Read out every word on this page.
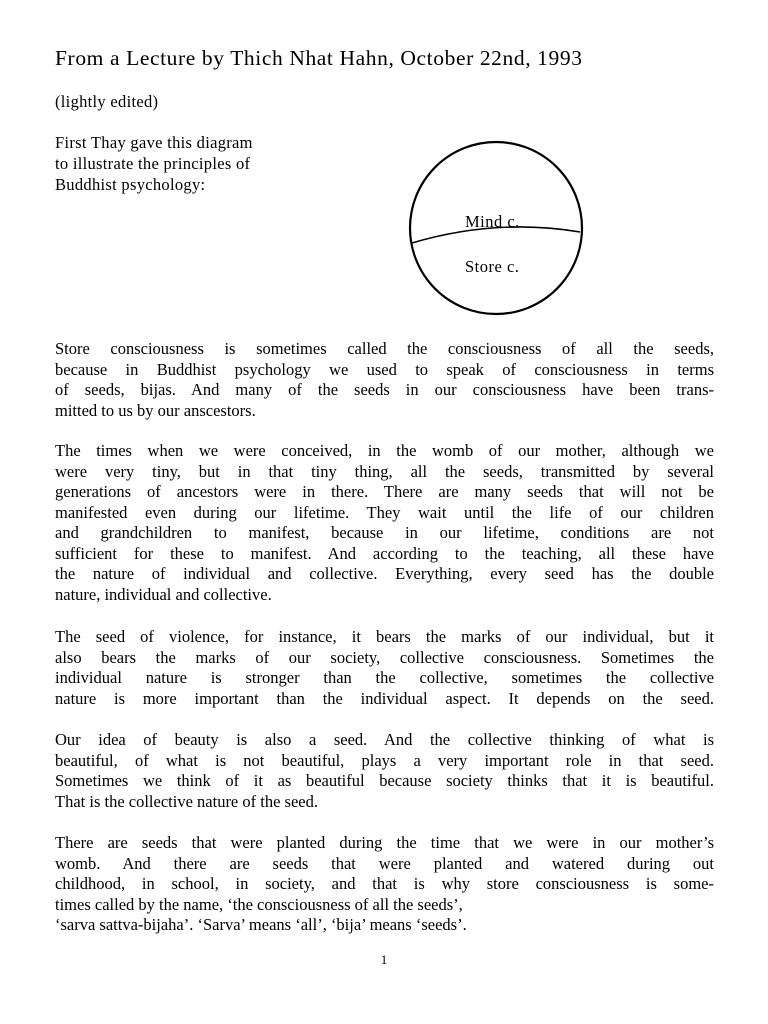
From a Lecture by Thich Nhat Hahn, October 22nd, 1993
(lightly edited)
First Thay gave this diagram
to illustrate the principles of
Buddhist psychology:
Mind c.
Store c.
Store consciousness is sometimes called the consciousness of all the seeds,
because in Buddhist psychology we used to speak of consciousness in terms
of seeds, bijas. And many of the seeds in our consciousness have been trans-
mitted to us by our anscestors.
The times when we were conceived, in the womb of our mother, although we
were very tiny, but in that tiny thing, all the seeds, transmitted by several
generations of ancestors were in there. There are many seeds that will not be
manifested even during our lifetime. They wait until the life of our children
and grandchildren to manifest, because in our lifetime, conditions are not
sufficient for these to manifest. And according to the teaching, all these have
the nature of individual and collective. Everything, every seed has the double
nature, individual and collective.
The seed of violence, for instance, it bears the marks of our individual, but it
also bears the marks of our society, collective consciousness. Sometimes the
individual nature is stronger than the collective, sometimes the collective
nature is more important than the individual aspect. It depends on the seed.
Our idea of beauty is also a seed. And the collective thinking of what is
beautiful, of what is not beautiful, plays a very important role in that seed.
Sometimes we think of it as beautiful because society thinks that it is beautiful.
That is the collective nature of the seed.
There are seeds that were planted during the time that we were in our mother’s
womb. And there are seeds that were planted and watered during out
childhood, in school, in society, and that is why store consciousness is some-
times called by the name, ‘the consciousness of all the seeds’,
‘sarva sattva-bijaha’. ‘Sarva’ means ‘all’, ‘bija’ means ‘seeds’.
1
